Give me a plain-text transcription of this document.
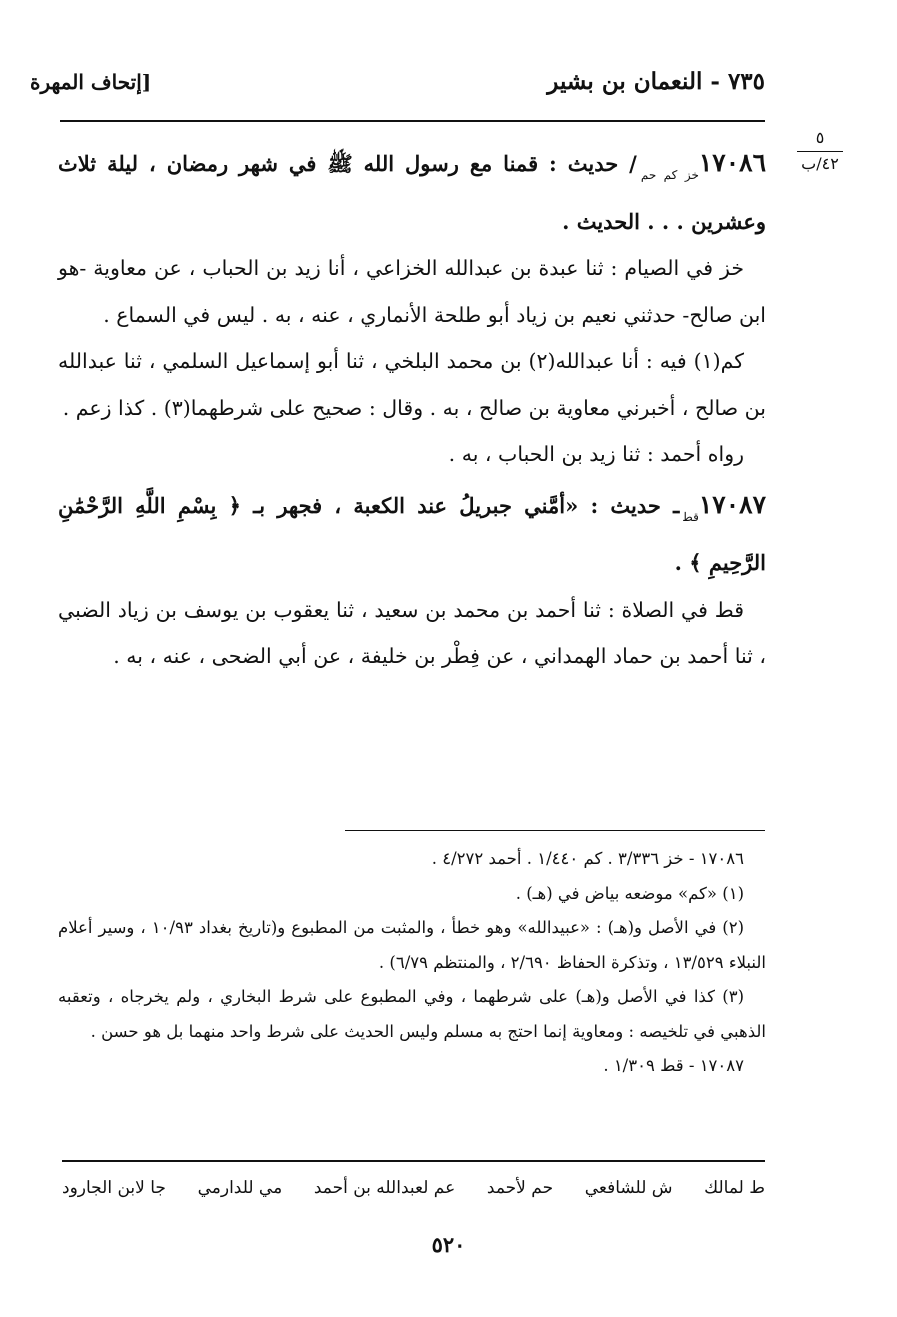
٧٣٥ - النعمان بن بشير
[إتحاف المهرة
٥
٤٢/ب

$١٧٠٨٦_{خز كم حم}/$ حديث : قمنا مع رسول الله ﷺ في شهر رمضان ، ليلة ثلاث وعشرين . . . الحديث .

خز في الصيام : ثنا عبدة بن عبدالله الخزاعي ، أنا زيد بن الحباب ، عن معاوية -هو ابن صالح- حدثني نعيم بن زياد أبو طلحة الأنماري ، عنه ، به . ليس في السماع .

كم(١) فيه : أنا عبدالله(٢) بن محمد البلخي ، ثنا أبو إسماعيل السلمي ، ثنا عبدالله بن صالح ، أخبرني معاوية بن صالح ، به . وقال : صحيح على شرطهما(٣) . كذا زعم .

رواه أحمد : ثنا زيد بن الحباب ، به .

$١٧٠٨٧_{قط}ـ$ حديث : «أمَّني جبريلُ عند الكعبة ، فجهر بـ ﴿ بِسْمِ اللَّهِ الرَّحْمَٰنِ الرَّحِيمِ ﴾ .

قط في الصلاة : ثنا أحمد بن محمد بن سعيد ، ثنا يعقوب بن يوسف بن زياد الضبي ، ثنا أحمد بن حماد الهمداني ، عن فِطْر بن خليفة ، عن أبي الضحى ، عنه ، به .

١٧٠٨٦ - خز ٣/٣٣٦ . كم ١/٤٤٠ . أحمد ٤/٢٧٢ .

(١) «كم» موضعه بياض في (هـ) .

(٢) في الأصل و(هـ) : «عبيدالله» وهو خطأ ، والمثبت من المطبوع و(تاريخ بغداد ١٠/٩٣ ، وسير أعلام النبلاء ١٣/٥٢٩ ، وتذكرة الحفاظ ٢/٦٩٠ ، والمنتظم ٦/٧٩) .

(٣) كذا في الأصل و(هـ) على شرطهما ، وفي المطبوع على شرط البخاري ، ولم يخرجاه ، وتعقبه الذهبي في تلخيصه : ومعاوية إنما احتج به مسلم وليس الحديث على شرط واحد منهما بل هو حسن .

١٧٠٨٧ - قط ١/٣٠٩ .

ط لمالك
ش للشافعي
حم لأحمد
عم لعبدالله بن أحمد
مي للدارمي
جا لابن الجارود
٥٢٠
